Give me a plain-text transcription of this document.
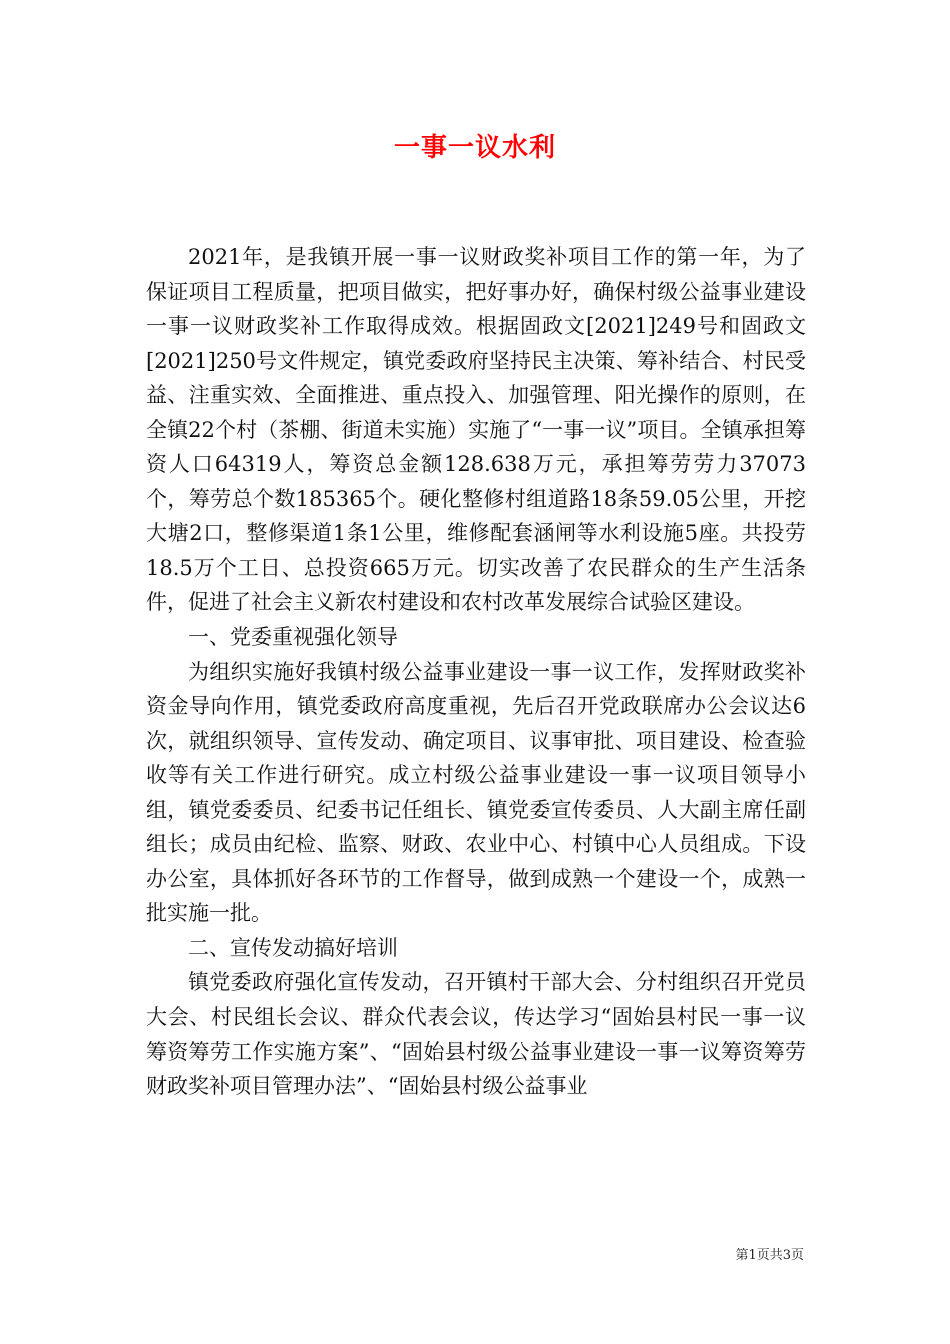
一事一议水利

2021年，是我镇开展一事一议财政奖补项目工作的第一年，为了保证项目工程质量，把项目做实，把好事办好，确保村级公益事业建设一事一议财政奖补工作取得成效。根据固政文[2021]249号和固政文[2021]250号文件规定，镇党委政府坚持民主决策、筹补结合、村民受益、注重实效、全面推进、重点投入、加强管理、阳光操作的原则，在全镇22个村（茶棚、街道未实施）实施了“一事一议”项目。全镇承担筹资人口64319人，筹资总金额128.638万元，承担筹劳劳力37073个，筹劳总个数185365个。硬化整修村组道路18条59.05公里，开挖大塘2口，整修渠道1条1公里，维修配套涵闸等水利设施5座。共投劳18.5万个工日、总投资665万元。切实改善了农民群众的生产生活条件，促进了社会主义新农村建设和农村改革发展综合试验区建设。

一、党委重视强化领导

为组织实施好我镇村级公益事业建设一事一议工作，发挥财政奖补资金导向作用，镇党委政府高度重视，先后召开党政联席办公会议达6次，就组织领导、宣传发动、确定项目、议事审批、项目建设、检查验收等有关工作进行研究。成立村级公益事业建设一事一议项目领导小组，镇党委委员、纪委书记任组长、镇党委宣传委员、人大副主席任副组长；成员由纪检、监察、财政、农业中心、村镇中心人员组成。下设办公室，具体抓好各环节的工作督导，做到成熟一个建设一个，成熟一批实施一批。

二、宣传发动搞好培训

镇党委政府强化宣传发动，召开镇村干部大会、分村组织召开党员大会、村民组长会议、群众代表会议，传达学习“固始县村民一事一议筹资筹劳工作实施方案”、“固始县村级公益事业建设一事一议筹资筹劳财政奖补项目管理办法”、“固始县村级公益事业

第1页共3页
